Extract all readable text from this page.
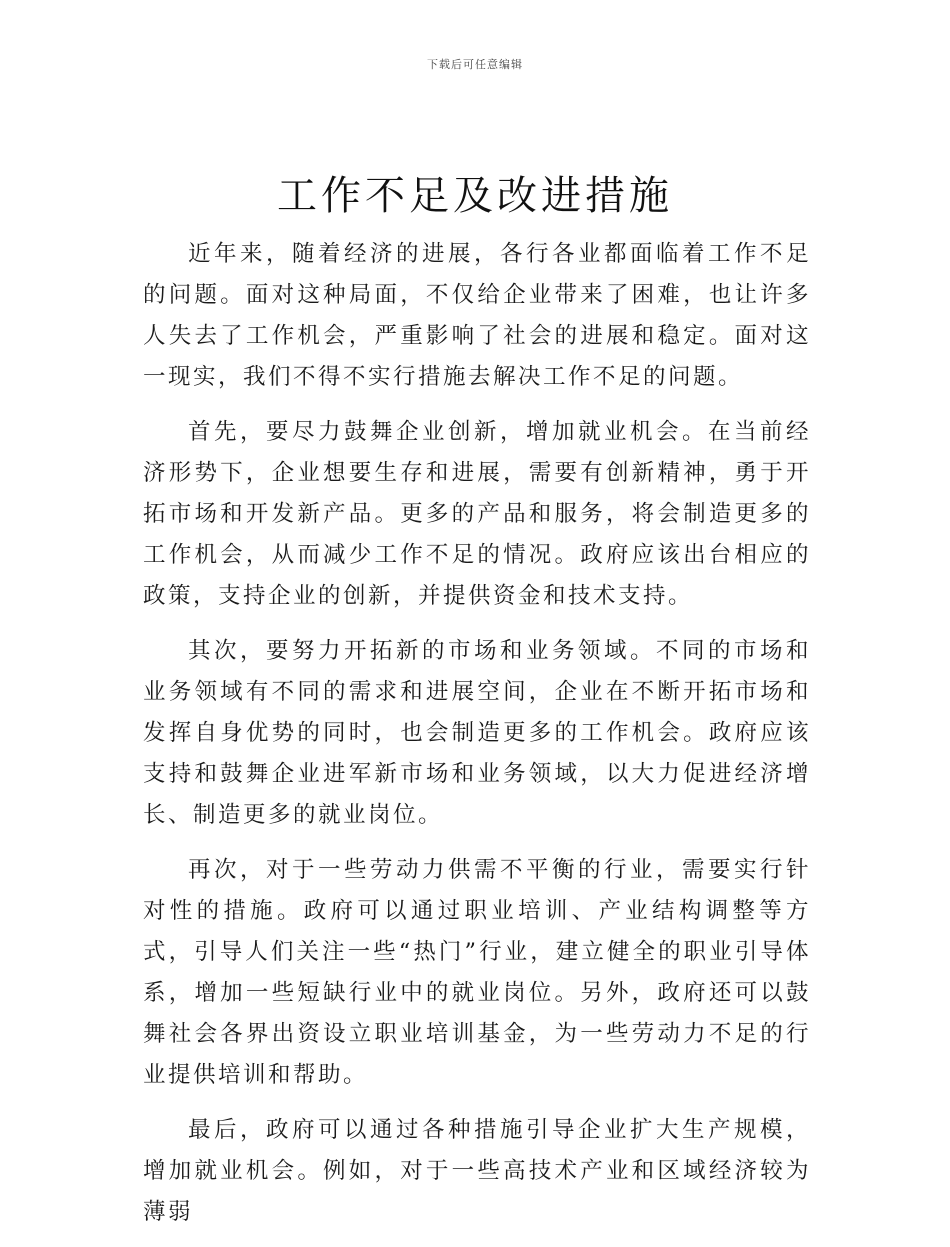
下载后可任意编辑
工作不足及改进措施

近年来，随着经济的进展，各行各业都面临着工作不足的问题。面对这种局面，不仅给企业带来了困难，也让许多人失去了工作机会，严重影响了社会的进展和稳定。面对这一现实，我们不得不实行措施去解决工作不足的问题。

首先，要尽力鼓舞企业创新，增加就业机会。在当前经济形势下，企业想要生存和进展，需要有创新精神，勇于开拓市场和开发新产品。更多的产品和服务，将会制造更多的工作机会，从而减少工作不足的情况。政府应该出台相应的政策，支持企业的创新，并提供资金和技术支持。

其次，要努力开拓新的市场和业务领域。不同的市场和业务领域有不同的需求和进展空间，企业在不断开拓市场和发挥自身优势的同时，也会制造更多的工作机会。政府应该支持和鼓舞企业进军新市场和业务领域，以大力促进经济增长、制造更多的就业岗位。

再次，对于一些劳动力供需不平衡的行业，需要实行针对性的措施。政府可以通过职业培训、产业结构调整等方式，引导人们关注一些“热门”行业，建立健全的职业引导体系，增加一些短缺行业中的就业岗位。另外，政府还可以鼓舞社会各界出资设立职业培训基金，为一些劳动力不足的行业提供培训和帮助。

最后，政府可以通过各种措施引导企业扩大生产规模，增加就业机会。例如，对于一些高技术产业和区域经济较为薄弱
